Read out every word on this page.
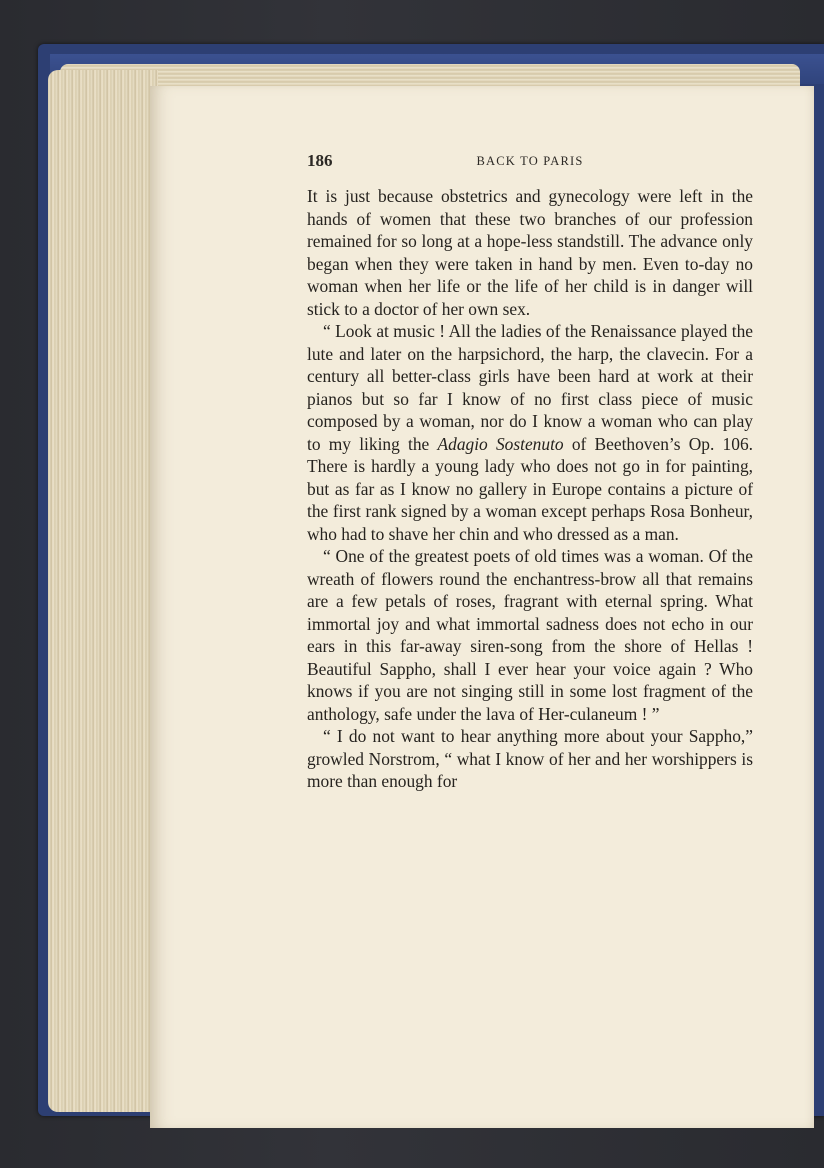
186	BACK TO PARIS

It is just because obstetrics and gynecology were left in the hands of women that these two branches of our profession remained for so long at a hope-less standstill. The advance only began when they were taken in hand by men. Even to-day no woman when her life or the life of her child is in danger will stick to a doctor of her own sex.

“ Look at music ! All the ladies of the Renaissance played the lute and later on the harpsichord, the harp, the clavecin. For a century all better-class girls have been hard at work at their pianos but so far I know of no first class piece of music composed by a woman, nor do I know a woman who can play to my liking the Adagio Sostenuto of Beethoven’s Op. 106. There is hardly a young lady who does not go in for painting, but as far as I know no gallery in Europe contains a picture of the first rank signed by a woman except perhaps Rosa Bonheur, who had to shave her chin and who dressed as a man.

“ One of the greatest poets of old times was a woman. Of the wreath of flowers round the enchantress-brow all that remains are a few petals of roses, fragrant with eternal spring. What immortal joy and what immortal sadness does not echo in our ears in this far-away siren-song from the shore of Hellas ! Beautiful Sappho, shall I ever hear your voice again ? Who knows if you are not singing still in some lost fragment of the anthology, safe under the lava of Her-culaneum ! ”

“ I do not want to hear anything more about your Sappho,” growled Norstrom, “ what I know of her and her worshippers is more than enough for
